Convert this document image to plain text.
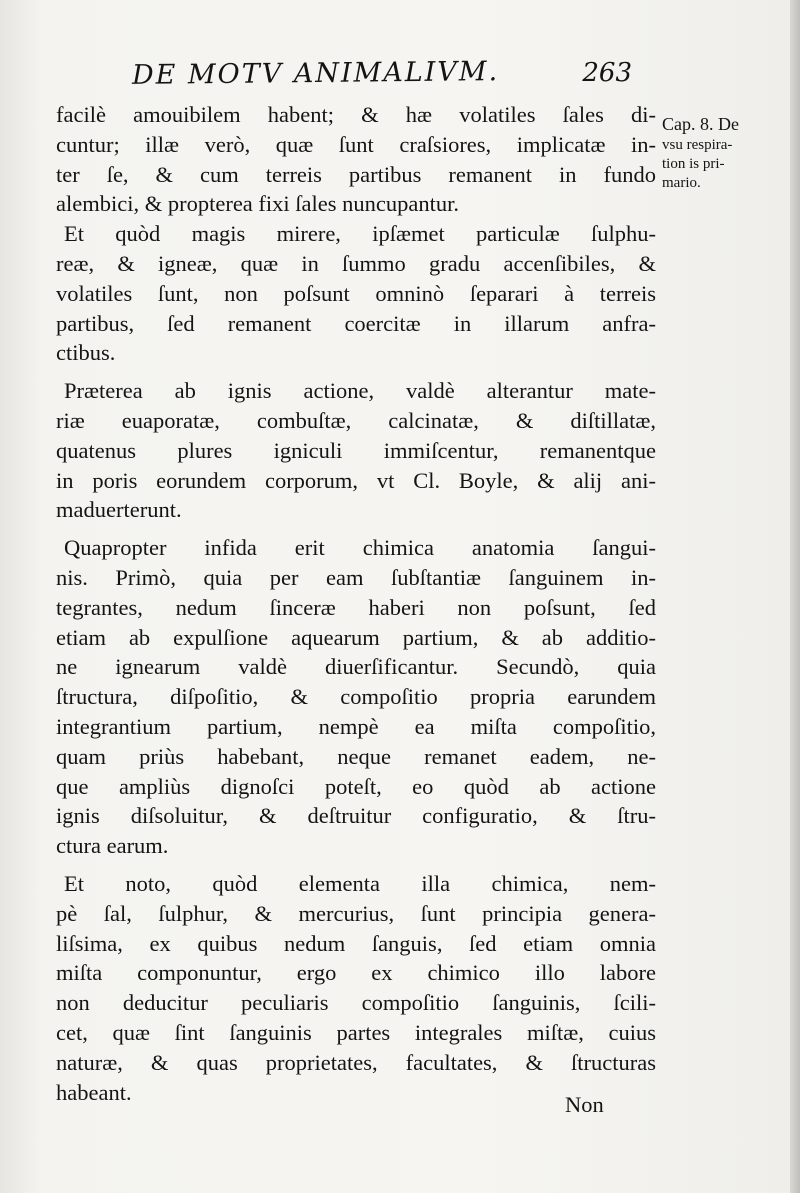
DE MOTV ANIMALIVM.	263
Cap. 8. De
vsu respira-
tion is pri-
mario.
facilè amouibilem habent; & hæ volatiles ſales di-
cuntur; illæ verò, quæ ſunt craſsiores, implicatæ in-
ter ſe, & cum terreis partibus remanent in fundo
alembici, & propterea fixi ſales nuncupantur.
Et quòd magis mirere, ipſæmet particulæ ſulphu-
reæ, & igneæ, quæ in ſummo gradu accenſibiles, &
volatiles ſunt, non poſsunt omninò ſeparari à terreis
partibus, ſed remanent coercitæ in illarum anfra-
ctibus.
Præterea ab ignis actione, valdè alterantur mate-
riæ euaporatæ, combuſtæ, calcinatæ, & diſtillatæ,
quatenus plures igniculi immiſcentur, remanentque
in poris eorundem corporum, vt Cl. Boyle, & alij ani-
maduerterunt.
Quapropter infida erit chimica anatomia ſangui-
nis. Primò, quia per eam ſubſtantiæ ſanguinem in-
tegrantes, nedum ſinceræ haberi non poſsunt, ſed
etiam ab expulſione aquearum partium, & ab additio-
ne ignearum valdè diuerſificantur. Secundò, quia
ſtructura, diſpoſitio, & compoſitio propria earundem
integrantium partium, nempè ea miſta compoſitio,
quam priùs habebant, neque remanet eadem, ne-
que ampliùs dignoſci poteſt, eo quòd ab actione
ignis diſsoluitur, & deſtruitur configuratio, & ſtru-
ctura earum.
Et noto, quòd elementa illa chimica, nem-
pè ſal, ſulphur, & mercurius, ſunt principia genera-
liſsima, ex quibus nedum ſanguis, ſed etiam omnia
miſta componuntur, ergo ex chimico illo labore
non deducitur peculiaris compoſitio ſanguinis, ſcili-
cet, quæ ſint ſanguinis partes integrales miſtæ, cuius
naturæ, & quas proprietates, facultates, & ſtructuras
habeant.	Non
